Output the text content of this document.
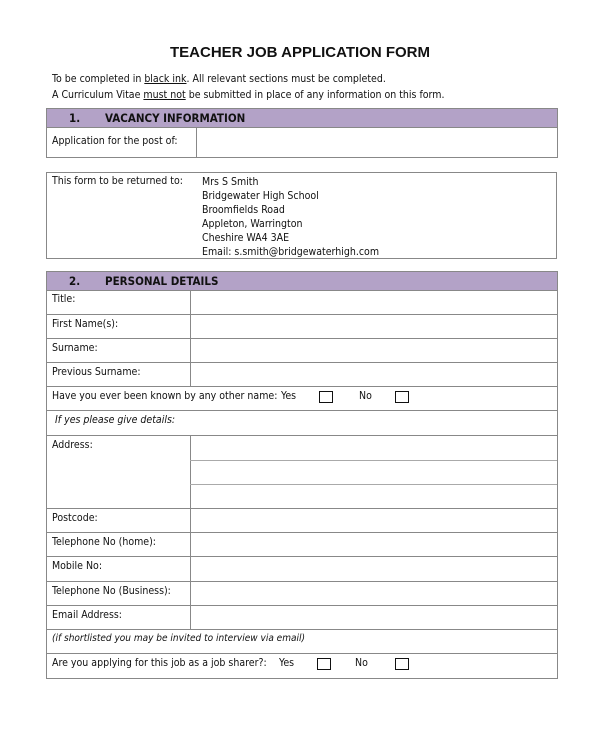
TEACHER JOB APPLICATION FORM
To be completed in black ink. All relevant sections must be completed.
A Curriculum Vitae must not be submitted in place of any information on this form.
1. VACANCY INFORMATION
Application for the post of:
This form to be returned to: Mrs S Smith
Bridgewater High School
Broomfields Road
Appleton, Warrington
Cheshire WA4 3AE
Email: s.smith@bridgewaterhigh.com
2. PERSONAL DETAILS
Title:
First Name(s):
Surname:
Previous Surname:
Have you ever been known by any other name: Yes	No
If yes please give details:
Address:
Postcode:
Telephone No (home):
Mobile No:
Telephone No (Business):
Email Address:
(if shortlisted you may be invited to interview via email)
Are you applying for this job as a job sharer?: Yes	No
